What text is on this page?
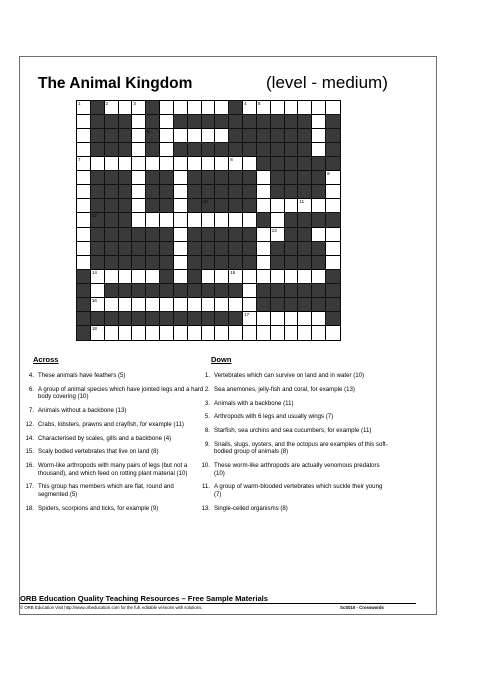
The Animal Kingdom	(level - medium)
1	2	3	4	5
6
7	8
9
10	11
12
13
14	15
16
17
18
Across	Down
4. These animals have feathers (5)
6. A group of animal species which have jointed legs and a hard body covering (10)
7. Animals without a backbone (13)
12. Crabs, lobsters, prawns and crayfish, for example (11)
14. Characterised by scales, gills and a backbone (4)
15. Scaly bodied vertebrates that live on land (8)
16. Worm-like arthropods with many pairs of legs (but not a thousand), and which feed on rotting plant material (10)
17. This group has members which are flat, round and segmented (5)
18. Spiders, scorpions and ticks, for example (9)
1. Vertebrates which can survive on land and in water (10)
2. Sea anemones, jelly-fish and coral, for example (13)
3. Animals with a backbone (11)
5. Arthropods with 6 legs and usually wings (7)
8. Starfish, sea urchins and sea cucumbers, for example (11)
9. Snails, slugs, oysters, and the octopus are examples of this soft-bodied group of animals (8)
10. These worm-like arthropods are actually venomous predators (10)
11. A group of warm-blooded vertebrates which suckle their young (7)
13. Single-celled organisms (8)
ORB Education Quality Teaching Resources – Free Sample Materials
© ORB Education Visit http://www.orbeducation.com for the full, editable versions with solutions.	ScS010 - Crosswords
